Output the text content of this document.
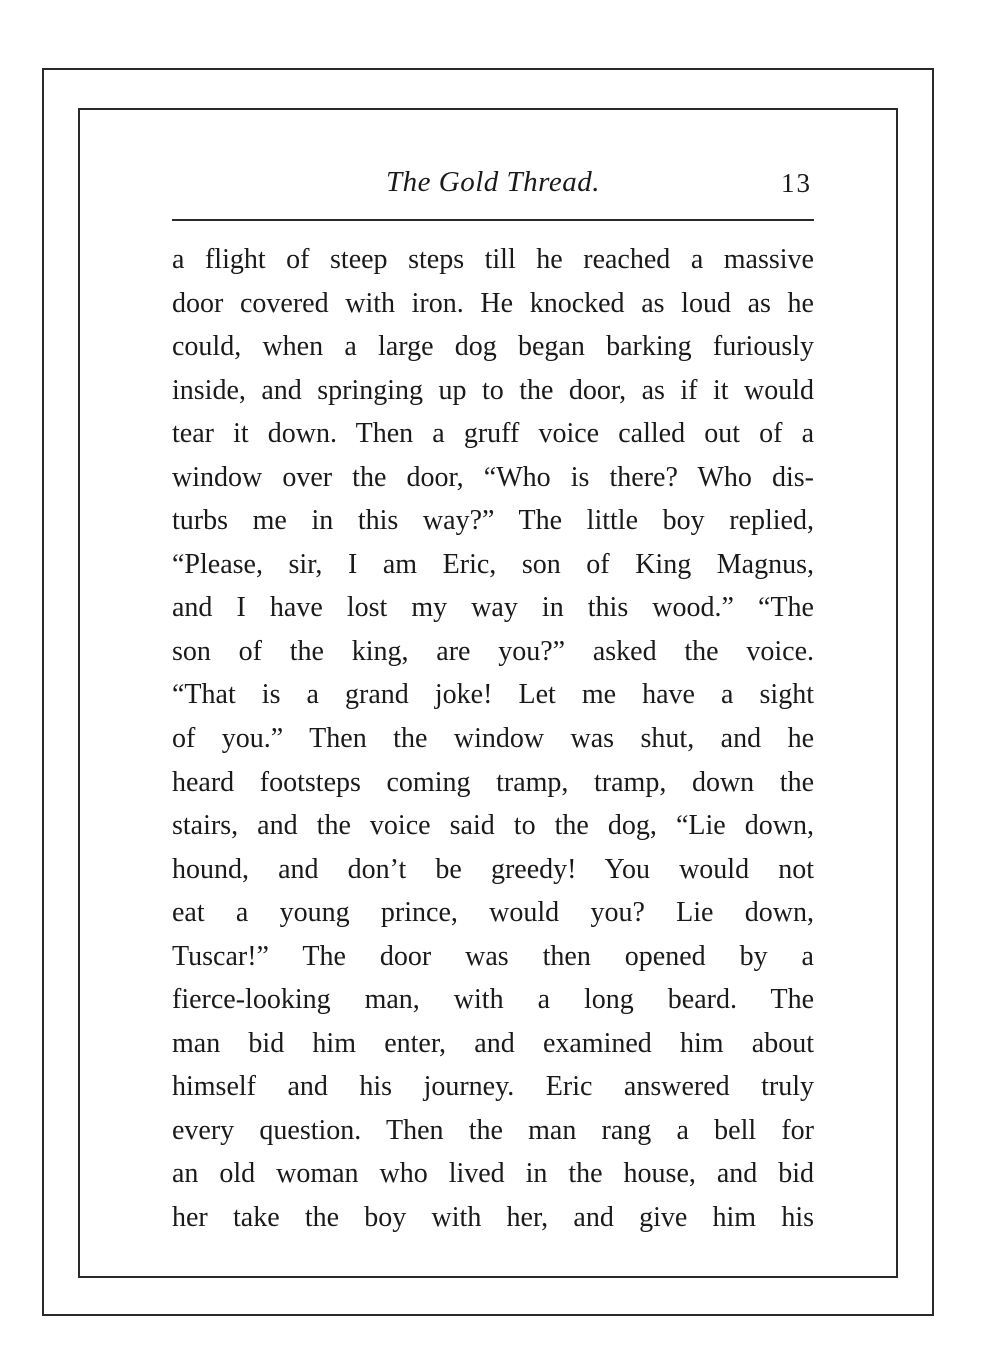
The Gold Thread.	13
a flight of steep steps till he reached a massive
door covered with iron. He knocked as loud as he
could, when a large dog began barking furiously
inside, and springing up to the door, as if it would
tear it down. Then a gruff voice called out of a
window over the door, “Who is there? Who dis-
turbs me in this way?” The little boy replied,
“Please, sir, I am Eric, son of King Magnus,
and I have lost my way in this wood.” “The
son of the king, are you?” asked the voice.
“That is a grand joke! Let me have a sight
of you.” Then the window was shut, and he
heard footsteps coming tramp, tramp, down the
stairs, and the voice said to the dog, “Lie down,
hound, and don’t be greedy! You would not
eat a young prince, would you? Lie down,
Tuscar!” The door was then opened by a
fierce-looking man, with a long beard. The
man bid him enter, and examined him about
himself and his journey. Eric answered truly
every question. Then the man rang a bell for
an old woman who lived in the house, and bid
her take the boy with her, and give him his
